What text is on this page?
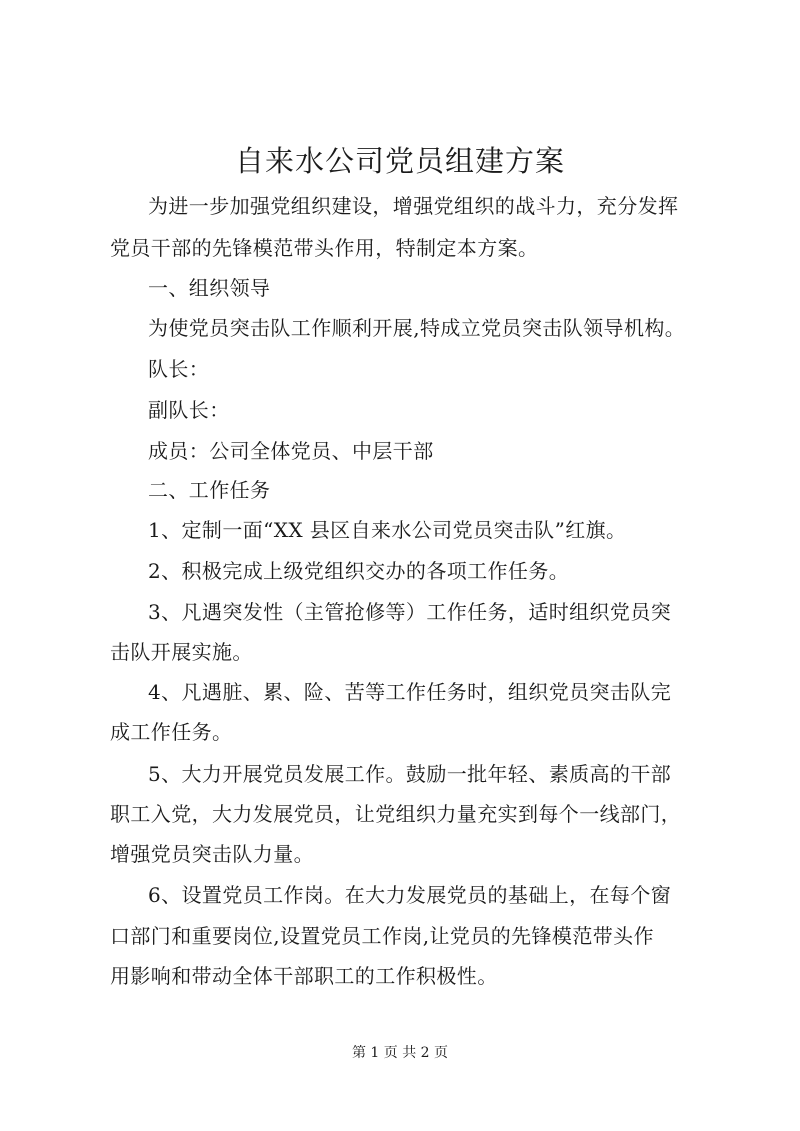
自来水公司党员组建方案
为进一步加强党组织建设，增强党组织的战斗力，充分发挥
党员干部的先锋模范带头作用，特制定本方案。
一、组织领导
为使党员突击队工作顺利开展,特成立党员突击队领导机构。
队长：
副队长：
成员：公司全体党员、中层干部
二、工作任务
1、定制一面“XX 县区自来水公司党员突击队”红旗。
2、积极完成上级党组织交办的各项工作任务。
3、凡遇突发性（主管抢修等）工作任务，适时组织党员突
击队开展实施。
4、凡遇脏、累、险、苦等工作任务时，组织党员突击队完
成工作任务。
5、大力开展党员发展工作。鼓励一批年轻、素质高的干部
职工入党，大力发展党员，让党组织力量充实到每个一线部门，
增强党员突击队力量。
6、设置党员工作岗。在大力发展党员的基础上，在每个窗
口部门和重要岗位,设置党员工作岗,让党员的先锋模范带头作
用影响和带动全体干部职工的工作积极性。
第 1 页 共 2 页
